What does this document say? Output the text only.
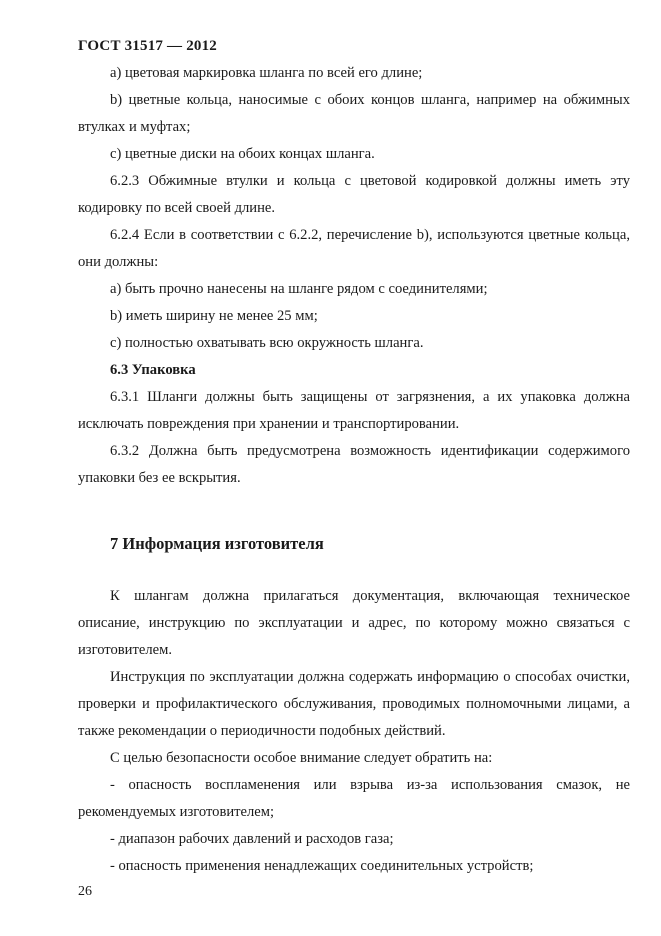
ГОСТ 31517 — 2012

а) цветовая маркировка шланга по всей его длине;

b) цветные кольца, наносимые с обоих концов шланга, например на обжимных втулках и муфтах;

с) цветные диски на обоих концах шланга.

6.2.3 Обжимные втулки и кольца с цветовой кодировкой должны иметь эту кодировку по всей своей длине.

6.2.4 Если в соответствии с 6.2.2, перечисление b), используются цветные кольца, они должны:

а) быть прочно нанесены на шланге рядом с соединителями;

b) иметь ширину не менее 25 мм;

с) полностью охватывать всю окружность шланга.

6.3 Упаковка

6.3.1 Шланги должны быть защищены от загрязнения, а их упаковка должна исключать повреждения при хранении и транспортировании.

6.3.2 Должна быть предусмотрена возможность идентификации содержимого упаковки без ее вскрытия.

7 Информация изготовителя

К шлангам должна прилагаться документация, включающая техническое описание, инструкцию по эксплуатации и адрес, по которому можно связаться с изготовителем.

Инструкция по эксплуатации должна содержать информацию о способах очистки, проверки и профилактического обслуживания, проводимых полномочными лицами, а также рекомендации о периодичности подобных действий.

С целью безопасности особое внимание следует обратить на:

- опасность воспламенения или взрыва из-за использования смазок, не рекомендуемых изготовителем;

- диапазон рабочих давлений и расходов газа;

- опасность применения ненадлежащих соединительных устройств;

26
